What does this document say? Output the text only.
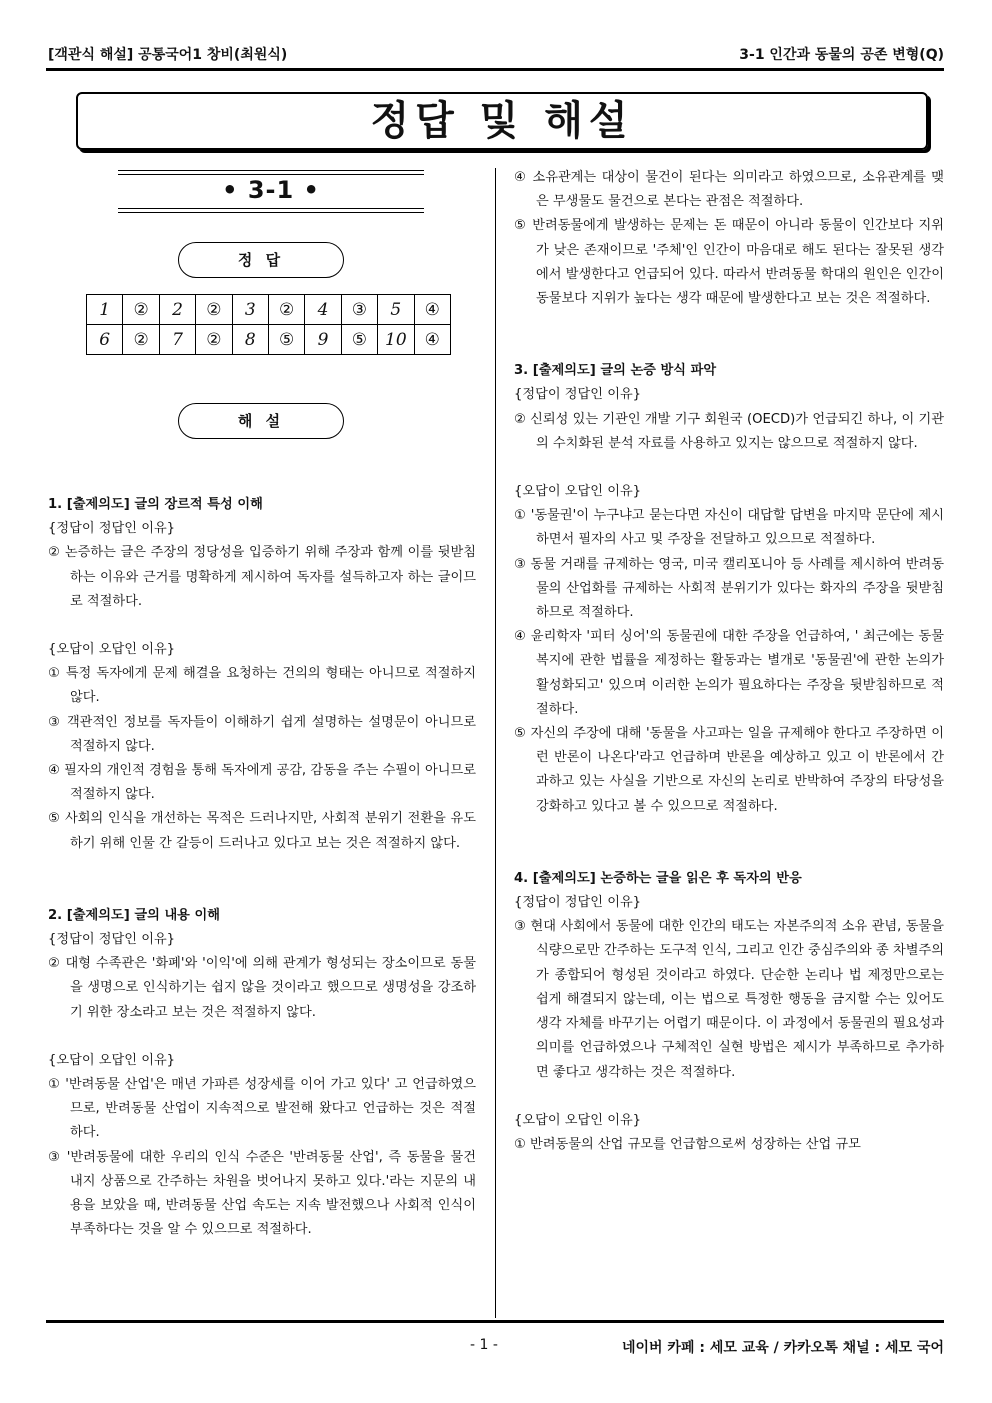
[객관식 해설] 공통국어1 창비(최원식)	3-1 인간과 동물의 공존 변형(Q)
정답 및 해설
• 3-1 •
정 답
1	②	2	②	3	②	4	③	5	④
6	②	7	②	8	⑤	9	⑤	10	④
해 설

1. [출제의도] 글의 장르적 특성 이해

{정답이 정답인 이유}

② 논증하는 글은 주장의 정당성을 입증하기 위해 주장과 함께 이를 뒷받침하는 이유와 근거를 명확하게 제시하여 독자를 설득하고자 하는 글이므로 적절하다.

{오답이 오답인 이유}

① 특정 독자에게 문제 해결을 요청하는 건의의 형태는 아니므로 적절하지 않다.

③ 객관적인 정보를 독자들이 이해하기 쉽게 설명하는 설명문이 아니므로 적절하지 않다.

④ 필자의 개인적 경험을 통해 독자에게 공감, 감동을 주는 수필이 아니므로 적절하지 않다.

⑤ 사회의 인식을 개선하는 목적은 드러나지만, 사회적 분위기 전환을 유도하기 위해 인물 간 갈등이 드러나고 있다고 보는 것은 적절하지 않다.

2. [출제의도] 글의 내용 이해

{정답이 정답인 이유}

② 대형 수족관은 '화폐'와 '이익'에 의해 관계가 형성되는 장소이므로 동물을 생명으로 인식하기는 쉽지 않을 것이라고 했으므로 생명성을 강조하기 위한 장소라고 보는 것은 적절하지 않다.

{오답이 오답인 이유}

① '반려동물 산업'은 매년 가파른 성장세를 이어 가고 있다' 고 언급하였으므로, 반려동물 산업이 지속적으로 발전해 왔다고 언급하는 것은 적절하다.

③ '반려동물에 대한 우리의 인식 수준은 '반려동물 산업', 즉 동물을 물건 내지 상품으로 간주하는 차원을 벗어나지 못하고 있다.'라는 지문의 내용을 보았을 때, 반려동물 산업 속도는 지속 발전했으나 사회적 인식이 부족하다는 것을 알 수 있으므로 적절하다.

④ 소유관계는 대상이 물건이 된다는 의미라고 하였으므로, 소유관계를 맺은 무생물도 물건으로 본다는 관점은 적절하다.

⑤ 반려동물에게 발생하는 문제는 돈 때문이 아니라 동물이 인간보다 지위가 낮은 존재이므로 '주체'인 인간이 마음대로 해도 된다는 잘못된 생각에서 발생한다고 언급되어 있다. 따라서 반려동물 학대의 원인은 인간이 동물보다 지위가 높다는 생각 때문에 발생한다고 보는 것은 적절하다.

3. [출제의도] 글의 논증 방식 파악

{정답이 정답인 이유}

② 신뢰성 있는 기관인 개발 기구 회원국 (OECD)가 언급되긴 하나, 이 기관의 수치화된 분석 자료를 사용하고 있지는 않으므로 적절하지 않다.

{오답이 오답인 이유}

① '동물권'이 누구냐고 묻는다면 자신이 대답할 답변을 마지막 문단에 제시하면서 필자의 사고 및 주장을 전달하고 있으므로 적절하다.

③ 동물 거래를 규제하는 영국, 미국 캘리포니아 등 사례를 제시하여 반려동물의 산업화를 규제하는 사회적 분위기가 있다는 화자의 주장을 뒷받침하므로 적절하다.

④ 윤리학자 '피터 싱어'의 동물권에 대한 주장을 언급하여, ' 최근에는 동물 복지에 관한 법률을 제정하는 활동과는 별개로 '동물권'에 관한 논의가 활성화되고' 있으며 이러한 논의가 필요하다는 주장을 뒷받침하므로 적절하다.

⑤ 자신의 주장에 대해 '동물을 사고파는 일을 규제해야 한다고 주장하면 이런 반론이 나온다'라고 언급하며 반론을 예상하고 있고 이 반론에서 간과하고 있는 사실을 기반으로 자신의 논리로 반박하여 주장의 타당성을 강화하고 있다고 볼 수 있으므로 적절하다.

4. [출제의도] 논증하는 글을 읽은 후 독자의 반응

{정답이 정답인 이유}

③ 현대 사회에서 동물에 대한 인간의 태도는 자본주의적 소유 관념, 동물을 식량으로만 간주하는 도구적 인식, 그리고 인간 중심주의와 종 차별주의가 종합되어 형성된 것이라고 하였다. 단순한 논리나 법 제정만으로는 쉽게 해결되지 않는데, 이는 법으로 특정한 행동을 금지할 수는 있어도 생각 자체를 바꾸기는 어렵기 때문이다. 이 과정에서 동물권의 필요성과 의미를 언급하였으나 구체적인 실현 방법은 제시가 부족하므로 추가하면 좋다고 생각하는 것은 적절하다.

{오답이 오답인 이유}

① 반려동물의 산업 규모를 언급함으로써 성장하는 산업 규모

- 1 -	네이버 카페 : 세모 교육 / 카카오톡 채널 : 세모 국어
